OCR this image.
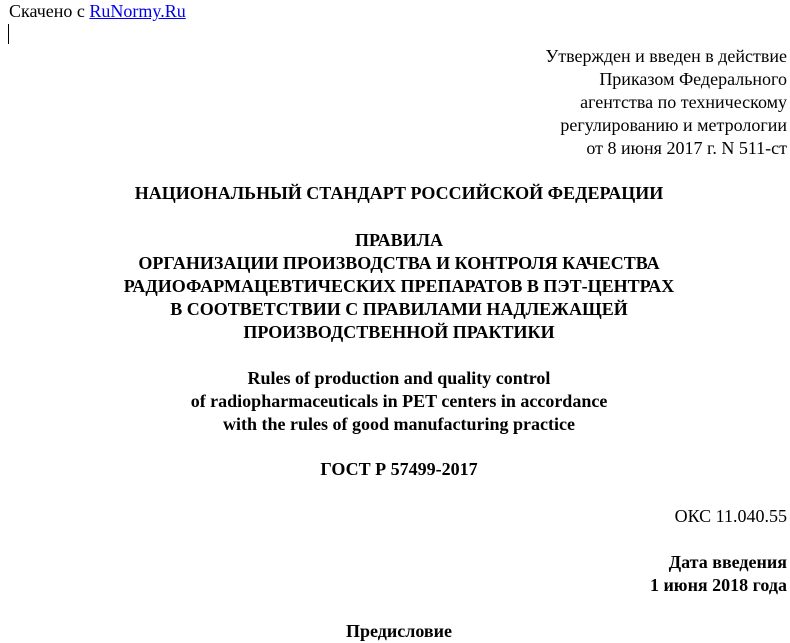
Скачено с RuNormy.Ru
Утвержден и введен в действие
Приказом Федерального
агентства по техническому
регулированию и метрологии
от 8 июня 2017 г. N 511-ст
НАЦИОНАЛЬНЫЙ СТАНДАРТ РОССИЙСКОЙ ФЕДЕРАЦИИ
ПРАВИЛА
ОРГАНИЗАЦИИ ПРОИЗВОДСТВА И КОНТРОЛЯ КАЧЕСТВА
РАДИОФАРМАЦЕВТИЧЕСКИХ ПРЕПАРАТОВ В ПЭТ-ЦЕНТРАХ
В СООТВЕТСТВИИ С ПРАВИЛАМИ НАДЛЕЖАЩЕЙ
ПРОИЗВОДСТВЕННОЙ ПРАКТИКИ
Rules of production and quality control
of radiopharmaceuticals in PET centers in accordance
with the rules of good manufacturing practice
ГОСТ Р 57499-2017
ОКС 11.040.55
Дата введения
1 июня 2018 года
Предисловие
